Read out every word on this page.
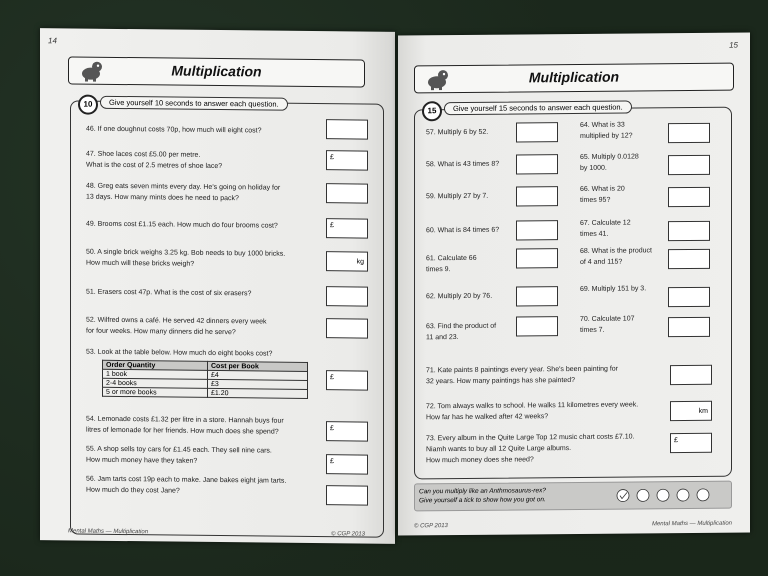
14
Multiplication
10	Give yourself 10 seconds to answer each question.
Order Quantity	Cost per Book
1 book	£4
2-4 books	£3
5 or more books	£1.20
Mental Maths — Multiplication	© CGP 2013
46. If one doughnut costs 70p, how much will eight cost?
47. Shoe laces cost £5.00 per metre.
What is the cost of 2.5 metres of shoe lace?
£
48. Greg eats seven mints every day. He's going on holiday for
13 days. How many mints does he need to pack?
49. Brooms cost £1.15 each. How much do four brooms cost?	£
50. A single brick weighs 3.25 kg. Bob needs to buy 1000 bricks.
How much will these bricks weigh?	kg
51. Erasers cost 47p. What is the cost of six erasers?
52. Wilfred owns a café. He served 42 dinners every week
for four weeks. How many dinners did he serve?
53. Look at the table below. How much do eight books cost?
£
54. Lemonade costs £1.32 per litre in a store. Hannah buys four
litres of lemonade for her friends. How much does she spend?	£
55. A shop sells toy cars for £1.45 each. They sell nine cars.
How much money have they taken?	£
56. Jam tarts cost 19p each to make. Jane bakes eight jam tarts.
How much do they cost Jane?
15
Multiplication
15	Give yourself 15 seconds to answer each question.
Can you multiply like an Anthmosaurus-rex?
Give yourself a tick to show how you got on.
© CGP 2013	Mental Maths — Multiplication
57. Multiply 6 by 52.
58. What is 43 times 8?
59. Multiply 27 by 7.
60. What is 84 times 6?
61. Calculate 66
times 9.
62. Multiply 20 by 76.
63. Find the product of
11 and 23.
64. What is 33
multiplied by 12?
65. Multiply 0.0128
by 1000.
66. What is 20
times 95?
67. Calculate 12
times 41.
68. What is the product
of 4 and 115?
69. Multiply 151 by 3.
70. Calculate 107
times 7.
71. Kate paints 8 paintings every year. She's been painting for
32 years. How many paintings has she painted?
72. Tom always walks to school. He walks 11 kilometres every week.
How far has he walked after 42 weeks?
km
73. Every album in the Quite Large Top 12 music chart costs £7.10.
Niamh wants to buy all 12 Quite Large albums.
How much money does she need?
£
